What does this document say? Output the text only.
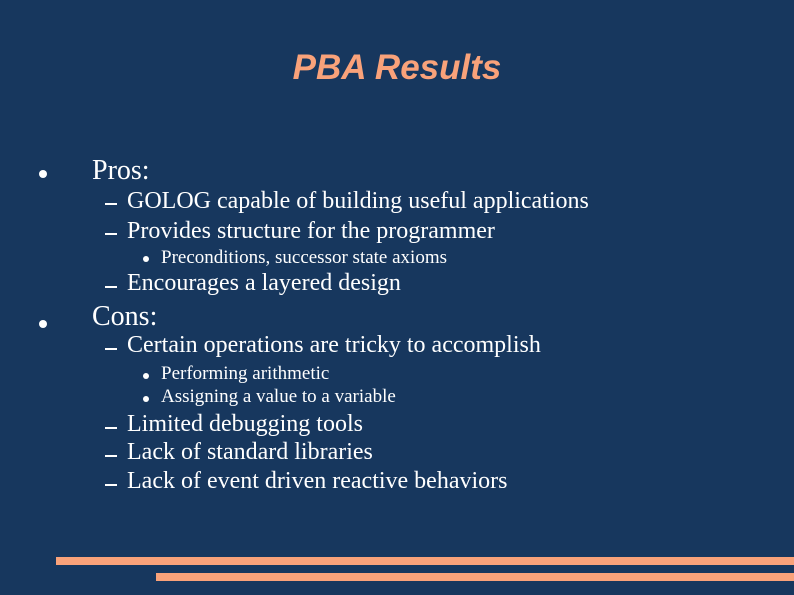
PBA Results
Pros:
GOLOG capable of building useful applications
Provides structure for the programmer
Preconditions, successor state axioms
Encourages a layered design
Cons:
Certain operations are tricky to accomplish
Performing arithmetic
Assigning a value to a variable
Limited debugging tools
Lack of standard libraries
Lack of event driven reactive behaviors
